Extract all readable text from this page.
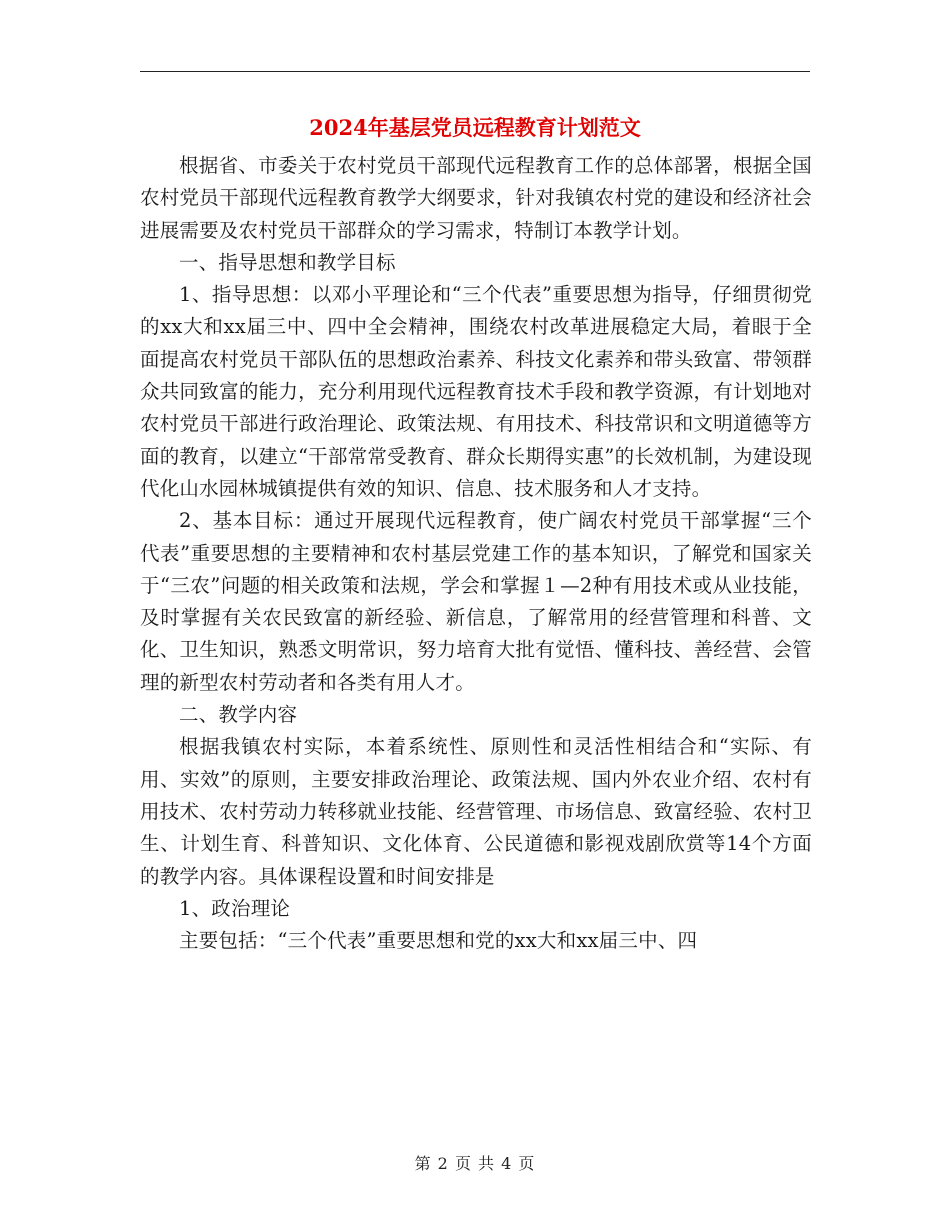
2024年基层党员远程教育计划范文

根据省、市委关于农村党员干部现代远程教育工作的总体部署，根据全国农村党员干部现代远程教育教学大纲要求，针对我镇农村党的建设和经济社会进展需要及农村党员干部群众的学习需求，特制订本教学计划。

一、指导思想和教学目标

1、指导思想：以邓小平理论和“三个代表”重要思想为指导，仔细贯彻党的xx大和xx届三中、四中全会精神，围绕农村改革进展稳定大局，着眼于全面提高农村党员干部队伍的思想政治素养、科技文化素养和带头致富、带领群众共同致富的能力，充分利用现代远程教育技术手段和教学资源，有计划地对农村党员干部进行政治理论、政策法规、有用技术、科技常识和文明道德等方面的教育，以建立“干部常常受教育、群众长期得实惠”的长效机制，为建设现代化山水园林城镇提供有效的知识、信息、技术服务和人才支持。

2、基本目标：通过开展现代远程教育，使广阔农村党员干部掌握“三个代表”重要思想的主要精神和农村基层党建工作的基本知识，了解党和国家关于“三农”问题的相关政策和法规，学会和掌握１—2种有用技术或从业技能，及时掌握有关农民致富的新经验、新信息，了解常用的经营管理和科普、文化、卫生知识，熟悉文明常识，努力培育大批有觉悟、懂科技、善经营、会管理的新型农村劳动者和各类有用人才。

二、教学内容

根据我镇农村实际，本着系统性、原则性和灵活性相结合和“实际、有用、实效”的原则，主要安排政治理论、政策法规、国内外农业介绍、农村有用技术、农村劳动力转移就业技能、经营管理、市场信息、致富经验、农村卫生、计划生育、科普知识、文化体育、公民道德和影视戏剧欣赏等14个方面的教学内容。具体课程设置和时间安排是

1、政治理论

主要包括：“三个代表”重要思想和党的xx大和xx届三中、四

第 2 页 共 4 页
